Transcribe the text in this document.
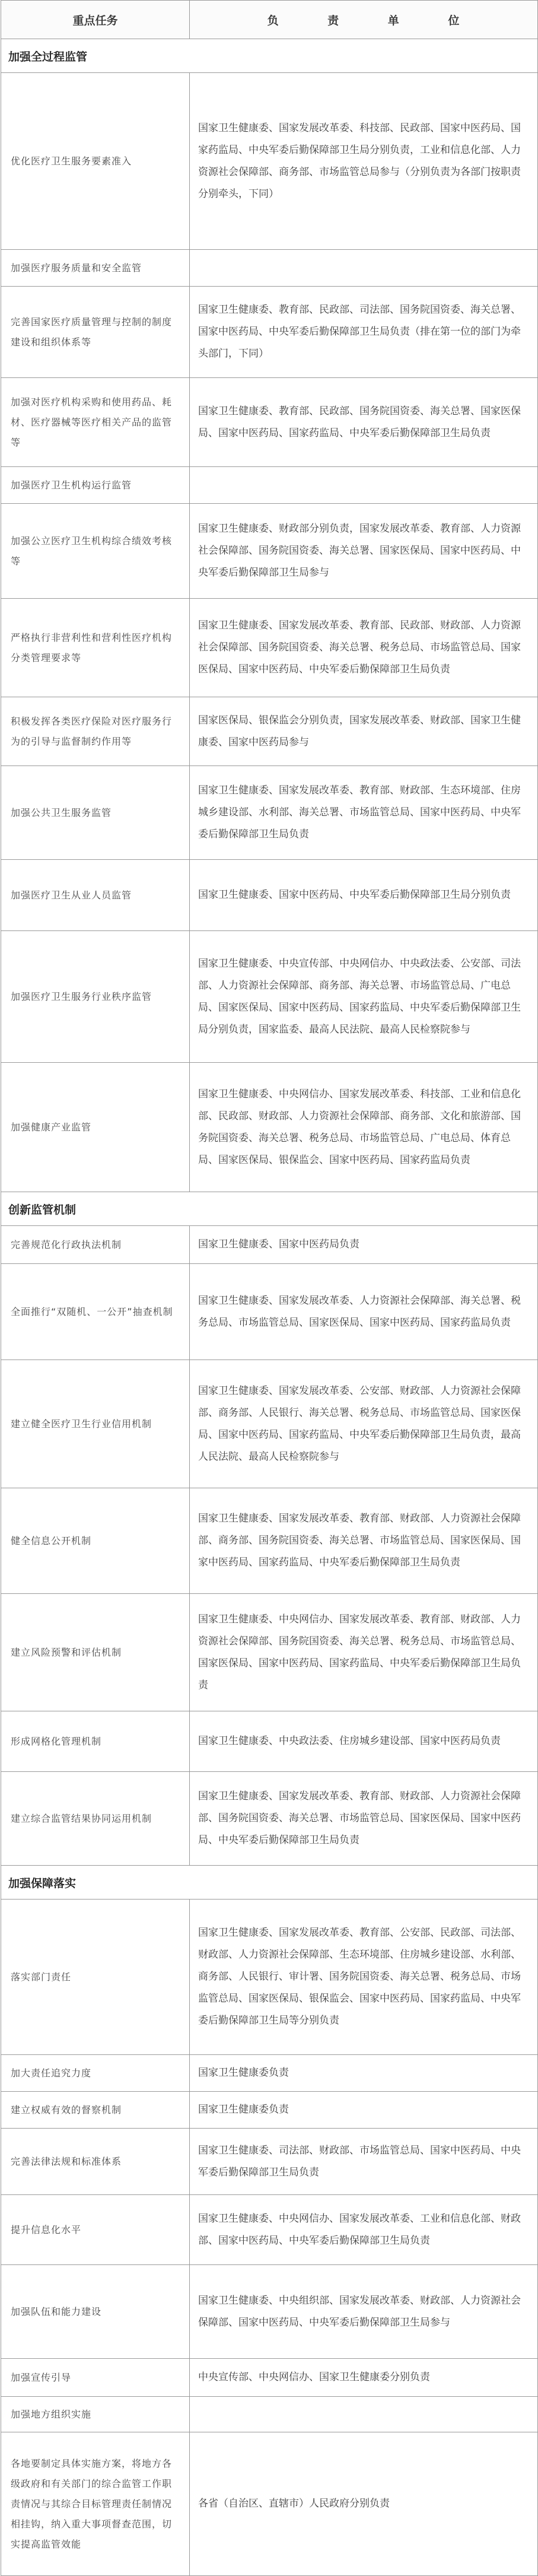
重点任务	负 责 单 位
加强全过程监管	
优化医疗卫生服务要素准入	国家卫生健康委、国家发展改革委、科技部、民政部、国家中医药局、国家药监局、中央军委后勤保障部卫生局分别负责，工业和信息化部、人力资源社会保障部、商务部、市场监管总局参与（分别负责为各部门按职责分别牵头，下同）
加强医疗服务质量和安全监管	
完善国家医疗质量管理与控制的制度建设和组织体系等	国家卫生健康委、教育部、民政部、司法部、国务院国资委、海关总署、国家中医药局、中央军委后勤保障部卫生局负责（排在第一位的部门为牵头部门，下同）
加强对医疗机构采购和使用药品、耗材、医疗器械等医疗相关产品的监管等	国家卫生健康委、教育部、民政部、国务院国资委、海关总署、国家医保局、国家中医药局、国家药监局、中央军委后勤保障部卫生局负责
加强医疗卫生机构运行监管	
加强公立医疗卫生机构综合绩效考核等	国家卫生健康委、财政部分别负责，国家发展改革委、教育部、人力资源社会保障部、国务院国资委、海关总署、国家医保局、国家中医药局、中央军委后勤保障部卫生局参与
严格执行非营利性和营利性医疗机构分类管理要求等	国家卫生健康委、国家发展改革委、教育部、民政部、财政部、人力资源社会保障部、国务院国资委、海关总署、税务总局、市场监管总局、国家医保局、国家中医药局、中央军委后勤保障部卫生局负责
积极发挥各类医疗保险对医疗服务行为的引导与监督制约作用等	国家医保局、银保监会分别负责，国家发展改革委、财政部、国家卫生健康委、国家中医药局参与
加强公共卫生服务监管	国家卫生健康委、国家发展改革委、教育部、财政部、生态环境部、住房城乡建设部、水利部、海关总署、市场监管总局、国家中医药局、中央军委后勤保障部卫生局负责
加强医疗卫生从业人员监管	国家卫生健康委、国家中医药局、中央军委后勤保障部卫生局分别负责
加强医疗卫生服务行业秩序监管	国家卫生健康委、中央宣传部、中央网信办、中央政法委、公安部、司法部、人力资源社会保障部、商务部、海关总署、市场监管总局、广电总局、国家医保局、国家中医药局、国家药监局、中央军委后勤保障部卫生局分别负责，国家监委、最高人民法院、最高人民检察院参与
加强健康产业监管	国家卫生健康委、中央网信办、国家发展改革委、科技部、工业和信息化部、民政部、财政部、人力资源社会保障部、商务部、文化和旅游部、国务院国资委、海关总署、税务总局、市场监管总局、广电总局、体育总局、国家医保局、银保监会、国家中医药局、国家药监局负责
创新监管机制	
完善规范化行政执法机制	国家卫生健康委、国家中医药局负责
全面推行“双随机、一公开”抽查机制	国家卫生健康委、国家发展改革委、人力资源社会保障部、海关总署、税务总局、市场监管总局、国家医保局、国家中医药局、国家药监局负责
建立健全医疗卫生行业信用机制	国家卫生健康委、国家发展改革委、公安部、财政部、人力资源社会保障部、商务部、人民银行、海关总署、税务总局、市场监管总局、国家医保局、国家中医药局、国家药监局、中央军委后勤保障部卫生局负责，最高人民法院、最高人民检察院参与
健全信息公开机制	国家卫生健康委、国家发展改革委、教育部、财政部、人力资源社会保障部、商务部、国务院国资委、海关总署、市场监管总局、国家医保局、国家中医药局、国家药监局、中央军委后勤保障部卫生局负责
建立风险预警和评估机制	国家卫生健康委、中央网信办、国家发展改革委、教育部、财政部、人力资源社会保障部、国务院国资委、海关总署、税务总局、市场监管总局、国家医保局、国家中医药局、国家药监局、中央军委后勤保障部卫生局负责
形成网格化管理机制	国家卫生健康委、中央政法委、住房城乡建设部、国家中医药局负责
建立综合监管结果协同运用机制	国家卫生健康委、国家发展改革委、教育部、财政部、人力资源社会保障部、国务院国资委、海关总署、市场监管总局、国家医保局、国家中医药局、中央军委后勤保障部卫生局负责
加强保障落实	
落实部门责任	国家卫生健康委、国家发展改革委、教育部、公安部、民政部、司法部、财政部、人力资源社会保障部、生态环境部、住房城乡建设部、水利部、商务部、人民银行、审计署、国务院国资委、海关总署、税务总局、市场监管总局、国家医保局、银保监会、国家中医药局、国家药监局、中央军委后勤保障部卫生局等分别负责
加大责任追究力度	国家卫生健康委负责
建立权威有效的督察机制	国家卫生健康委负责
完善法律法规和标准体系	国家卫生健康委、司法部、财政部、市场监管总局、国家中医药局、中央军委后勤保障部卫生局负责
提升信息化水平	国家卫生健康委、中央网信办、国家发展改革委、工业和信息化部、财政部、国家中医药局、中央军委后勤保障部卫生局负责
加强队伍和能力建设	国家卫生健康委、中央组织部、国家发展改革委、财政部、人力资源社会保障部、国家中医药局、中央军委后勤保障部卫生局参与
加强宣传引导	中央宣传部、中央网信办、国家卫生健康委分别负责
加强地方组织实施	
各地要制定具体实施方案，将地方各级政府和有关部门的综合监管工作职责情况与其综合目标管理责任制情况相挂钩，纳入重大事项督查范围，切实提高监管效能	各省（自治区、直辖市）人民政府分别负责
